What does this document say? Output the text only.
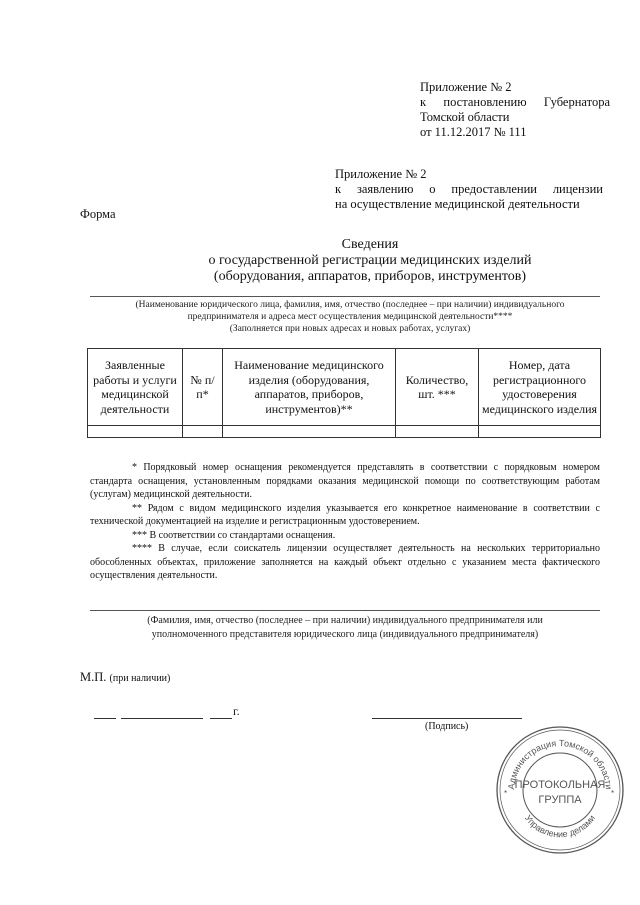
Приложение № 2
к постановлению Губернатора
Томской области
от 11.12.2017 № 111
Приложение № 2
к заявлению о предоставлении лицензии
на осуществление медицинской деятельности
Форма
Сведения
о государственной регистрации медицинских изделий
(оборудования, аппаратов, приборов, инструментов)
(Наименование юридического лица, фамилия, имя, отчество (последнее – при наличии) индивидуального
предпринимателя и адреса мест осуществления медицинской деятельности****
(Заполняется при новых адресах и новых работах, услугах)
Заявленные работы и услуги медицинской деятельности	№ п/п*	Наименование медицинского изделия (оборудования, аппаратов, приборов, инструментов)**	Количество, шт. ***	Номер, дата регистрационного удостоверения медицинского изделия

* Порядковый номер оснащения рекомендуется представлять в соответствии с порядковым номером стандарта оснащения, установленным порядками оказания медицинской помощи по соответствующим работам (услугам) медицинской деятельности.

** Рядом с видом медицинского изделия указывается его конкретное наименование в соответствии с технической документацией на изделие и регистрационным удостоверением.

*** В соответствии со стандартами оснащения.

**** В случае, если соискатель лицензии осуществляет деятельность на нескольких территориально обособленных объектах, приложение заполняется на каждый объект отдельно с указанием места фактического осуществления деятельности.

(Фамилия, имя, отчество (последнее – при наличии) индивидуального предпринимателя или
уполномоченного представителя юридического лица (индивидуального предпринимателя)
М.П. (при наличии)
г.
(Подпись)
Администрация Томской области
Управление делами
*	*
ПРОТОКОЛЬНАЯ
ГРУППА
